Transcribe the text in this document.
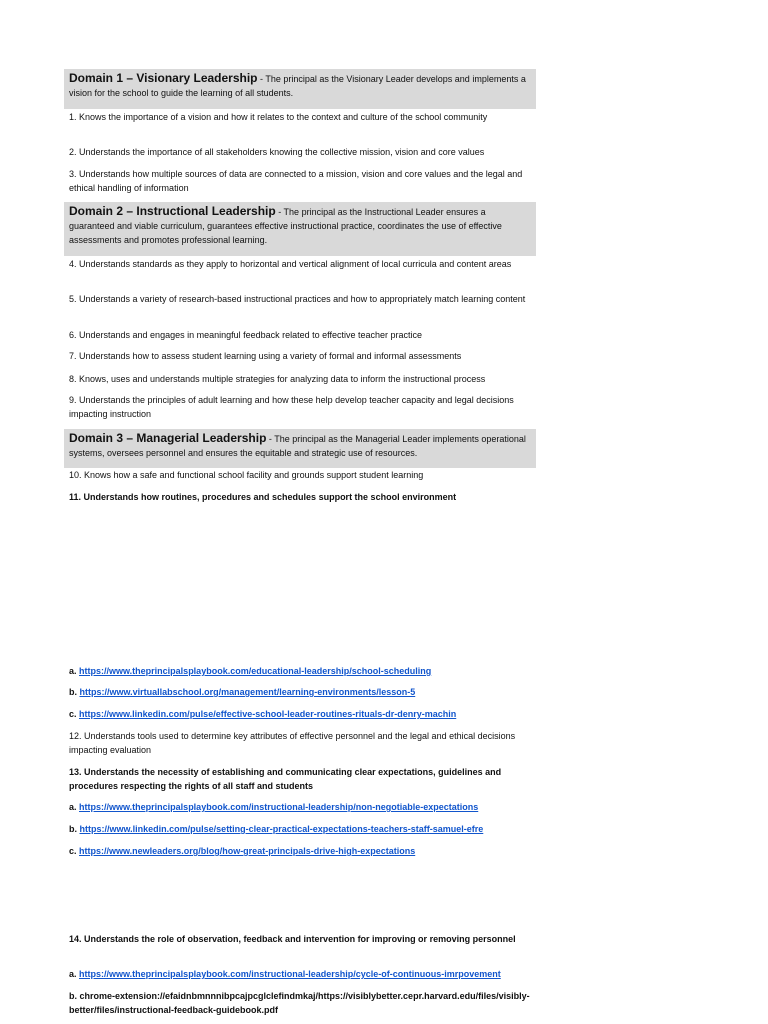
Domain 1 – Visionary Leadership - The principal as the Visionary Leader develops and implements a vision for the school to guide the learning of all students.
1. Knows the importance of a vision and how it relates to the context and culture of the school community
2. Understands the importance of all stakeholders knowing the collective mission, vision and core values
3. Understands how multiple sources of data are connected to a mission, vision and core values and the legal and ethical handling of information
Domain 2 – Instructional Leadership - The principal as the Instructional Leader ensures a guaranteed and viable curriculum, guarantees effective instructional practice, coordinates the use of effective assessments and promotes professional learning.
4. Understands standards as they apply to horizontal and vertical alignment of local curricula and content areas
5. Understands a variety of research-based instructional practices and how to appropriately match learning content
6. Understands and engages in meaningful feedback related to effective teacher practice
7. Understands how to assess student learning using a variety of formal and informal assessments
8. Knows, uses and understands multiple strategies for analyzing data to inform the instructional process
9. Understands the principles of adult learning and how these help develop teacher capacity and legal decisions impacting instruction
Domain 3 – Managerial Leadership - The principal as the Managerial Leader implements operational systems, oversees personnel and ensures the equitable and strategic use of resources.
10. Knows how a safe and functional school facility and grounds support student learning
11. Understands how routines, procedures and schedules support the school environment
a. https://www.theprincipalsplaybook.com/educational-leadership/school-scheduling
b. https://www.virtuallabschool.org/management/learning-environments/lesson-5
c. https://www.linkedin.com/pulse/effective-school-leader-routines-rituals-dr-denry-machin
12. Understands tools used to determine key attributes of effective personnel and the legal and ethical decisions impacting evaluation
13. Understands the necessity of establishing and communicating clear expectations, guidelines and procedures respecting the rights of all staff and students
a. https://www.theprincipalsplaybook.com/instructional-leadership/non-negotiable-expectations
b. https://www.linkedin.com/pulse/setting-clear-practical-expectations-teachers-staff-samuel-efre
c. https://www.newleaders.org/blog/how-great-principals-drive-high-expectations
14. Understands the role of observation, feedback and intervention for improving or removing personnel
a. https://www.theprincipalsplaybook.com/instructional-leadership/cycle-of-continuous-imrpovement
b. chrome-extension://efaidnbmnnnibpcajpcglclefindmkaj/https://visiblybetter.cepr.harvard.edu/files/visibly-better/files/instructional-feedback-guidebook.pdf
